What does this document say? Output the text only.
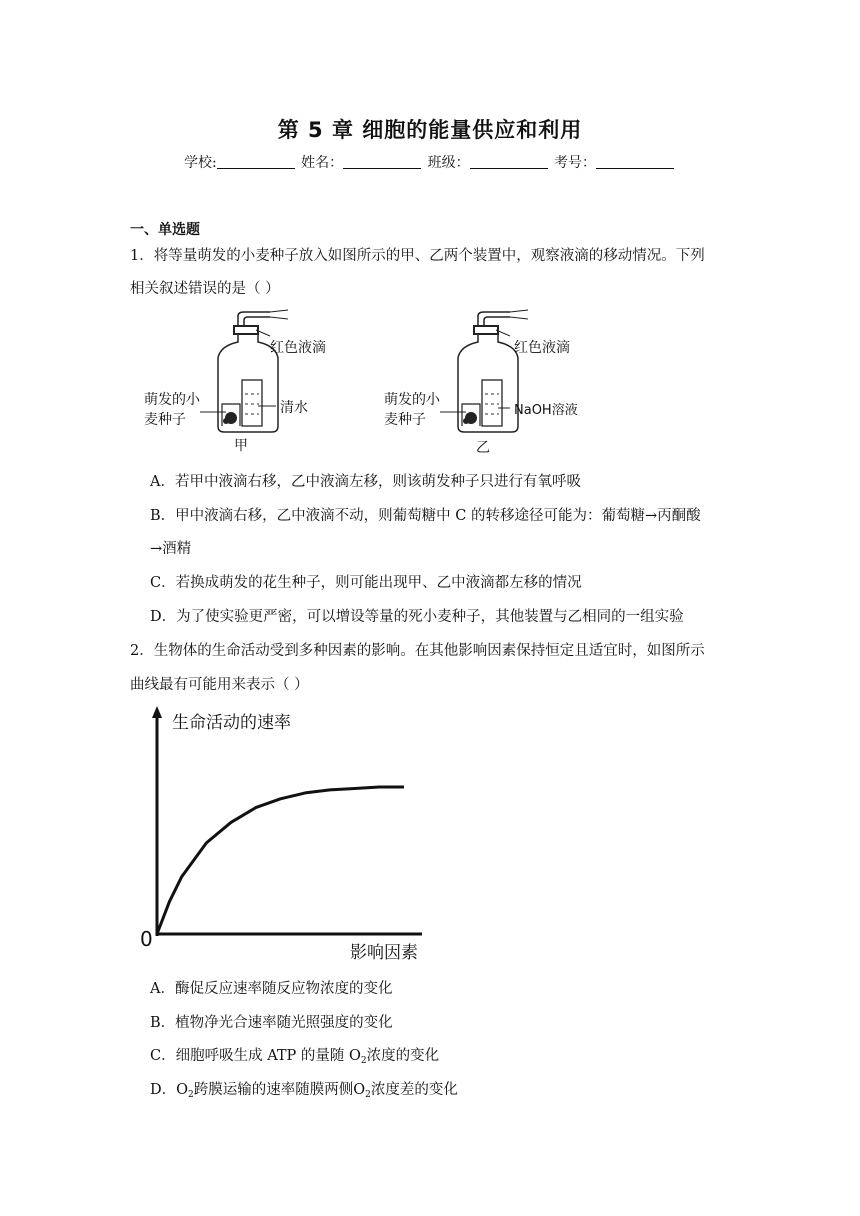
第 5 章 细胞的能量供应和利用
学校:	姓名：	班级：	考号：
一、单选题
1．将等量萌发的小麦种子放入如图所示的甲、乙两个装置中，观察液滴的移动情况。下列
相关叙述错误的是（ ）
红色液滴
清水
萌发的小
麦种子
甲
红色液滴
NaOH溶液
萌发的小
麦种子
乙
A．若甲中液滴右移，乙中液滴左移，则该萌发种子只进行有氧呼吸
B．甲中液滴右移，乙中液滴不动，则葡萄糖中 C 的转移途径可能为：葡萄糖→丙酮酸
→酒精
C．若换成萌发的花生种子，则可能出现甲、乙中液滴都左移的情况
D．为了使实验更严密，可以增设等量的死小麦种子，其他装置与乙相同的一组实验
2．生物体的生命活动受到多种因素的影响。在其他影响因素保持恒定且适宜时，如图所示
曲线最有可能用来表示（ ）
生命活动的速率
影响因素
0
A．酶促反应速率随反应物浓度的变化
B．植物净光合速率随光照强度的变化
C．细胞呼吸生成 ATP 的量随 $O_2$浓度的变化
D．$O_2$跨膜运输的速率随膜两侧$O_2$浓度差的变化
